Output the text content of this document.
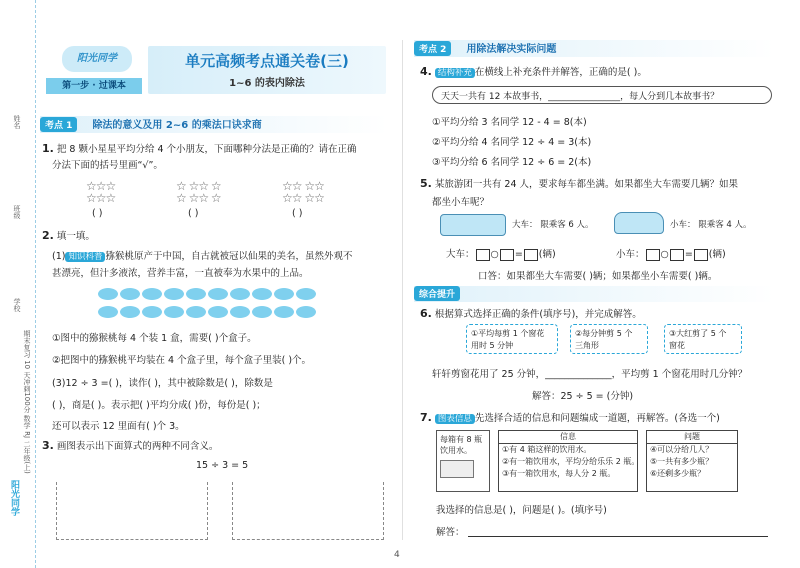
姓名
班级
学校
期末复习 10 天冲刺100分 数学 RJ 二年级(上)
阳光同学
阳光同学
第一步 · 过课本
单元高频考点通关卷(三)
1~6 的表内除法
考点 1 除法的意义及用 2~6 的乘法口诀求商
1. 把 8 颗小星星平均分给 4 个小朋友，下面哪种分法是正确的？请在正确
分法下面的括号里画“√”。
☆☆☆
☆☆☆
☆ ☆☆ ☆
☆ ☆☆ ☆
☆☆ ☆☆
☆☆ ☆☆
( )	( )	( )
2. 填一填。
(1) 知识科普 猕猴桃原产于中国，自古就被冠以仙果的美名，虽然外观不
甚漂亮，但汁多液浓，营养丰富，一直被奉为水果中的上品。

①图中的猕猴桃每 4 个装 1 盒，需要( )个盒子。
②把图中的猕猴桃平均装在 4 个盒子里，每个盒子里装( )个。
(3)12 ÷ 3 =( )，读作( )，其中被除数是( )，除数是
( )，商是( )。表示把( )平均分成( )份，每份是( )；
还可以表示 12 里面有( )个 3。
3. 画图表示出下面算式的两种不同含义。
15 ÷ 3 = 5
考点 2 用除法解决实际问题
4. 结构补充 在横线上补充条件并解答，正确的是( )。
天天一共有 12 本故事书，________________，每人分到几本故事书？
①平均分给 3 名同学 12 - 4 = 8(本)
②平均分给 4 名同学 12 ÷ 4 = 3(本)
③平均分给 6 名同学 12 ÷ 6 = 2(本)
5. 某旅游团一共有 24 人，要求每车都坐满。如果都坐大车需要几辆？如果
都坐小车呢？
大车： 限乘客 6 人。	小车： 限乘客 4 人。
大车： ○ = (辆)	小车： ○ = (辆)
口答：如果都坐大车需要( )辆；如果都坐小车需要( )辆。
综合提升
6. 根据算式选择正确的条件(填序号)，并完成解答。
①平均每剪 1 个窗花
用时 5 分钟
②每分钟剪 5 个
三角形
③大红剪了 5 个
窗花
轩轩剪窗花用了 25 分钟，______________，平均剪 1 个窗花用时几分钟？
解答：25 ÷ 5 = (分钟)
7. 图表信息 先选择合适的信息和问题编成一道题，再解答。(各选一个)
每箱有 8 瓶
饮用水。
信息
①有 4 箱这样的饮用水。
②有一箱饮用水，平均分给乐乐 2 瓶。
③有一箱饮用水，每人分 2 瓶。
问题
④可以分给几人？
⑤一共有多少瓶？
⑥还剩多少瓶？
我选择的信息是( )，问题是( )。(填序号)
解答：
4
